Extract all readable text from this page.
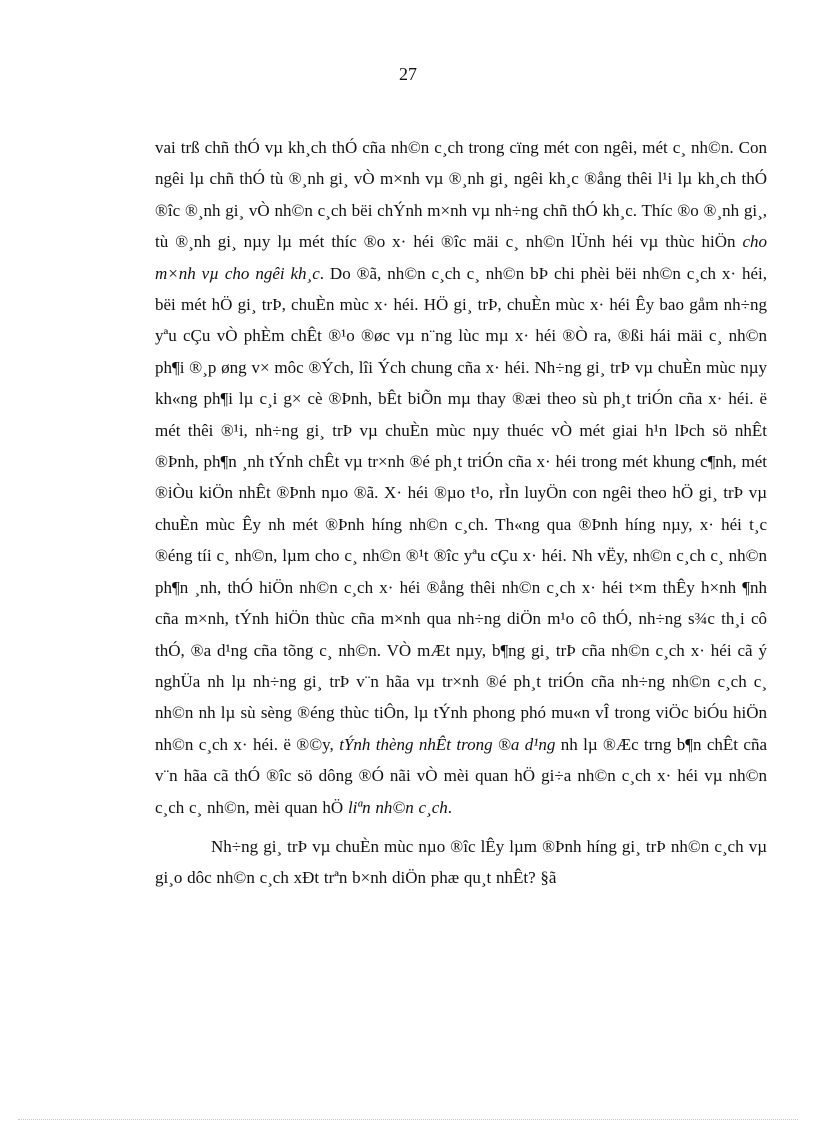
27

vai trß chñ thÓ vµ kh¸ch thÓ cña nh©n c¸ch trong cïng mét con ngêi, mét c¸ nh©n. Con ngêi lµ chñ thÓ tù ®¸nh gi¸ vÒ m×nh vµ ®¸nh gi¸ ngêi kh¸c ®ång thêi l¹i lµ kh¸ch thÓ ®îc ®¸nh gi¸ vÒ nh©n c¸ch bëi chÝnh m×nh vµ nh÷ng chñ thÓ kh¸c. Thíc ®o ®¸nh gi¸, tù ®¸nh gi¸ nµy lµ mét thíc ®o x· héi ®îc mäi c¸ nh©n lÜnh héi vµ thùc hiÖn cho m×nh vµ cho ngêi kh¸c. Do ®ã, nh©n c¸ch c¸ nh©n bÞ chi phèi bëi nh©n c¸ch x· héi, bëi mét hÖ gi¸ trÞ, chuÈn mùc x· héi. HÖ gi¸ trÞ, chuÈn mùc x· héi Êy bao gåm nh÷ng yªu cÇu vÒ phÈm chÊt ®¹o ®øc vµ n¨ng lùc mµ x· héi ®Ò ra, ®ßi hái mäi c¸ nh©n ph¶i ®¸p øng v× môc ®Ých, lîi Ých chung cña x· héi. Nh÷ng gi¸ trÞ vµ chuÈn mùc nµy kh«ng ph¶i lµ c¸i g× cè ®Þnh, bÊt biÕn mµ thay ®æi theo sù ph¸t triÓn cña x· héi. ë mét thêi ®¹i, nh÷ng gi¸ trÞ vµ chuÈn mùc nµy thuéc vÒ mét giai h¹n lÞch sö nhÊt ®Þnh, ph¶n ¸nh tÝnh chÊt vµ tr×nh ®é ph¸t triÓn cña x· héi trong mét khung c¶nh, mét ®iÒu kiÖn nhÊt ®Þnh nµo ®ã. X· héi ®µo t¹o, rÌn luyÖn con ngêi theo hÖ gi¸ trÞ vµ chuÈn mùc Êy nh mét ®Þnh híng nh©n c¸ch. Th«ng qua ®Þnh híng nµy, x· héi t¸c ®éng tíi c¸ nh©n, lµm cho c¸ nh©n ®¹t ®îc yªu cÇu x· héi. Nh vËy, nh©n c¸ch c¸ nh©n ph¶n ¸nh, thÓ hiÖn nh©n c¸ch x· héi ®ång thêi nh©n c¸ch x· héi t×m thÊy h×nh ¶nh cña m×nh, tÝnh hiÖn thùc cña m×nh qua nh÷ng diÖn m¹o cô thÓ, nh÷ng s¾c th¸i cô thÓ, ®a d¹ng cña tõng c¸ nh©n. VÒ mÆt nµy, b¶ng gi¸ trÞ cña nh©n c¸ch x· héi cã ý nghÜa nh lµ nh÷ng gi¸ trÞ v¨n hãa vµ tr×nh ®é ph¸t triÓn cña nh÷ng nh©n c¸ch c¸ nh©n nh lµ sù sèng ®éng thùc tiÔn, lµ tÝnh phong phó mu«n vÎ trong viÖc biÓu hiÖn nh©n c¸ch x· héi. ë ®©y, tÝnh thèng nhÊt trong ®a d¹ng nh lµ ®Æc trng b¶n chÊt cña v¨n hãa cã thÓ ®îc sö dông ®Ó nãi vÒ mèi quan hÖ gi÷a nh©n c¸ch x· héi vµ nh©n c¸ch c¸ nh©n, mèi quan hÖ liªn nh©n c¸ch.

Nh÷ng gi¸ trÞ vµ chuÈn mùc nµo ®îc lÊy lµm ®Þnh híng gi¸ trÞ nh©n c¸ch vµ gi¸o dôc nh©n c¸ch xÐt trªn b×nh diÖn phæ qu¸t nhÊt? §ã
